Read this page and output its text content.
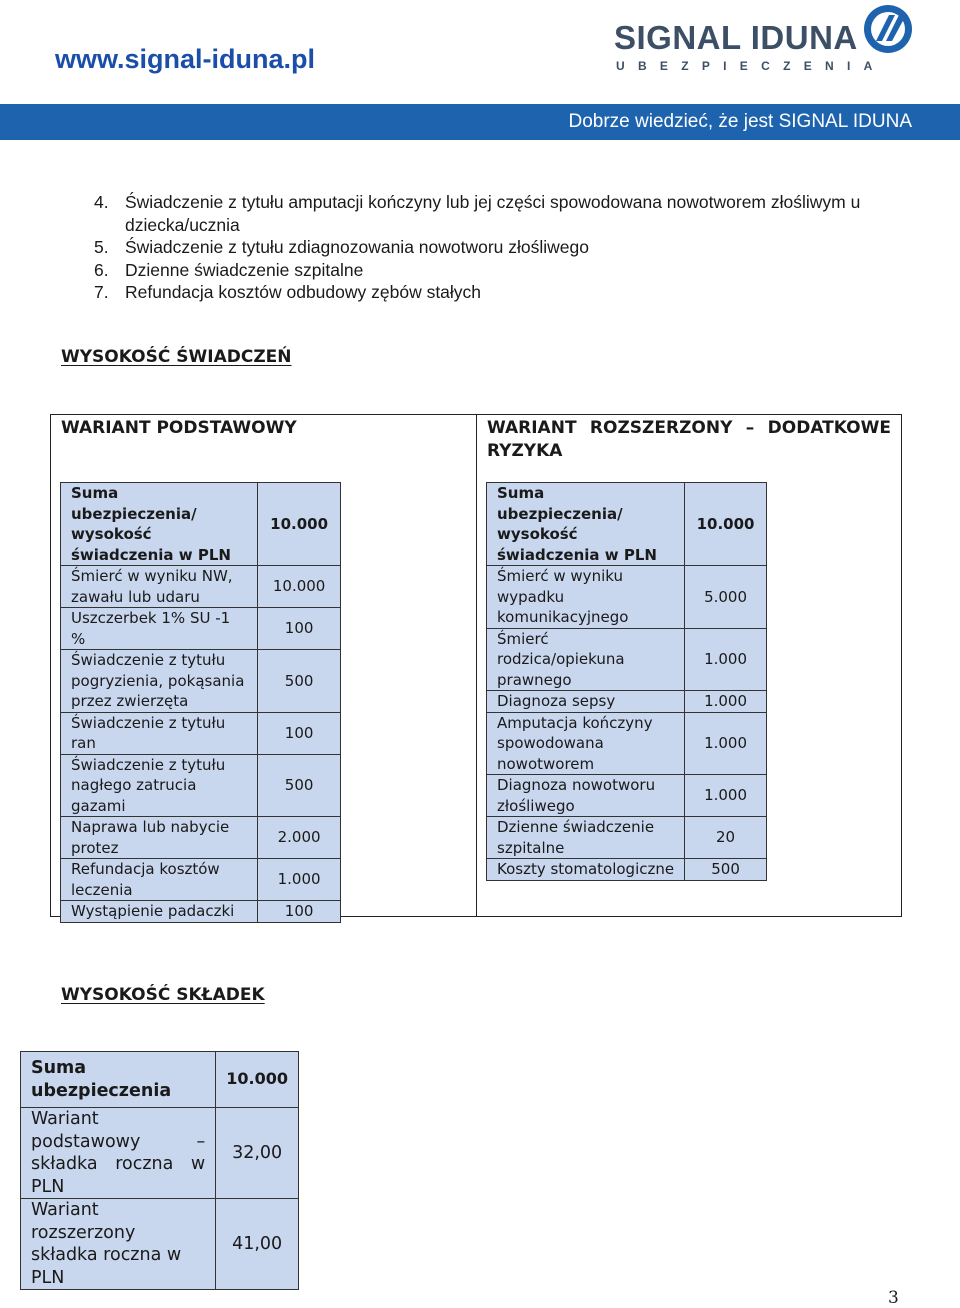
www.signal-iduna.pl
SIGNAL IDUNA
UBEZPIECZENIA
Dobrze wiedzieć, że jest SIGNAL IDUNA
4. Świadczenie z tytułu amputacji kończyny lub jej części spowodowana nowotworem złośliwym u dziecka/ucznia
5. Świadczenie z tytułu zdiagnozowania nowotworu złośliwego
6. Dzienne świadczenie szpitalne
7. Refundacja kosztów odbudowy zębów stałych
WYSOKOŚĆ ŚWIADCZEŃ
WARIANT PODSTAWOWY	WARIANT ROZSZERZONY – DODATKOWE RYZYKA
Suma ubezpieczenia/ wysokość świadczenia w PLN	10.000
Śmierć w wyniku NW, zawału lub udaru	10.000
Uszczerbek 1% SU -1 %	100
Świadczenie z tytułu pogryzienia, pokąsania przez zwierzęta	500
Świadczenie z tytułu ran	100
Świadczenie z tytułu nagłego zatrucia gazami	500
Naprawa lub nabycie protez	2.000
Refundacja kosztów leczenia	1.000
Wystąpienie padaczki	100
Suma ubezpieczenia/ wysokość świadczenia w PLN	10.000
Śmierć w wyniku wypadku komunikacyjnego	5.000
Śmierć rodzica/opiekuna prawnego	1.000
Diagnoza sepsy	1.000
Amputacja kończyny spowodowana nowotworem	1.000
Diagnoza nowotworu złośliwego	1.000
Dzienne świadczenie szpitalne	20
Koszty stomatologiczne	500
WYSOKOŚĆ SKŁADEK
Suma ubezpieczenia	10.000
Wariant podstawowy –składka roczna w PLN	32,00
Wariant rozszerzony składka roczna w PLN	41,00
3
